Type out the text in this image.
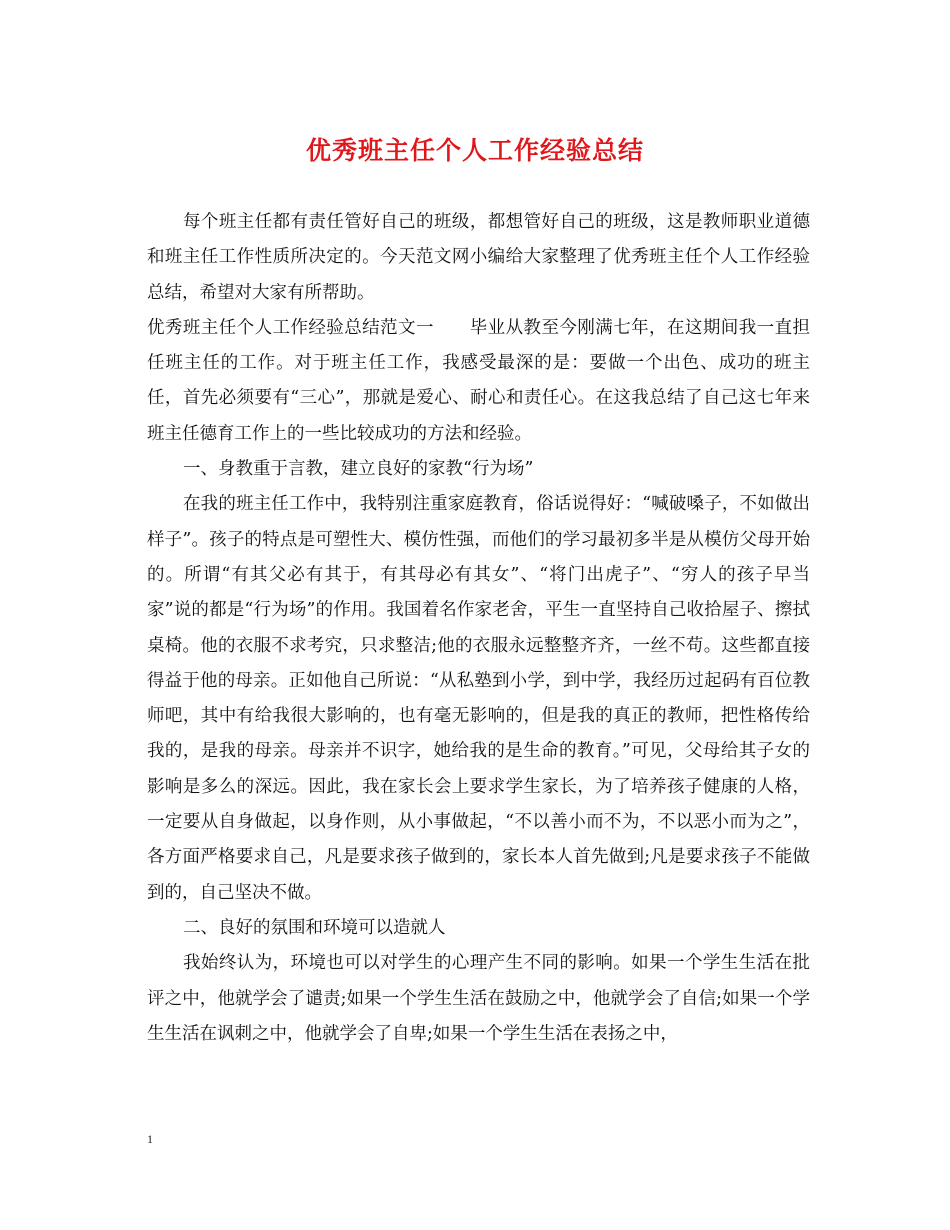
优秀班主任个人工作经验总结

每个班主任都有责任管好自己的班级，都想管好自己的班级，这是教师职业道德和班主任工作性质所决定的。今天范文网小编给大家整理了优秀班主任个人工作经验总结，希望对大家有所帮助。

优秀班主任个人工作经验总结范文一　　毕业从教至今刚满七年，在这期间我一直担任班主任的工作。对于班主任工作，我感受最深的是：要做一个出色、成功的班主任，首先必须要有“三心”，那就是爱心、耐心和责任心。在这我总结了自己这七年来班主任德育工作上的一些比较成功的方法和经验。

一、身教重于言教，建立良好的家教“行为场”

在我的班主任工作中，我特别注重家庭教育，俗话说得好：“喊破嗓子，不如做出样子”。孩子的特点是可塑性大、模仿性强，而他们的学习最初多半是从模仿父母开始的。所谓“有其父必有其于，有其母必有其女”、“将门出虎子”、“穷人的孩子早当家”说的都是“行为场”的作用。我国着名作家老舍，平生一直坚持自己收拾屋子、擦拭桌椅。他的衣服不求考究，只求整洁;他的衣服永远整整齐齐，一丝不苟。这些都直接得益于他的母亲。正如他自己所说：“从私塾到小学，到中学，我经历过起码有百位教师吧，其中有给我很大影响的，也有毫无影响的，但是我的真正的教师，把性格传给我的，是我的母亲。母亲并不识字，她给我的是生命的教育。”可见，父母给其子女的影响是多么的深远。因此，我在家长会上要求学生家长，为了培养孩子健康的人格，一定要从自身做起，以身作则，从小事做起，“不以善小而不为，不以恶小而为之”，各方面严格要求自己，凡是要求孩子做到的，家长本人首先做到;凡是要求孩子不能做到的，自己坚决不做。

二、良好的氛围和环境可以造就人

我始终认为，环境也可以对学生的心理产生不同的影响。如果一个学生生活在批评之中，他就学会了谴责;如果一个学生生活在鼓励之中，他就学会了自信;如果一个学生生活在讽刺之中，他就学会了自卑;如果一个学生生活在表扬之中，

1
